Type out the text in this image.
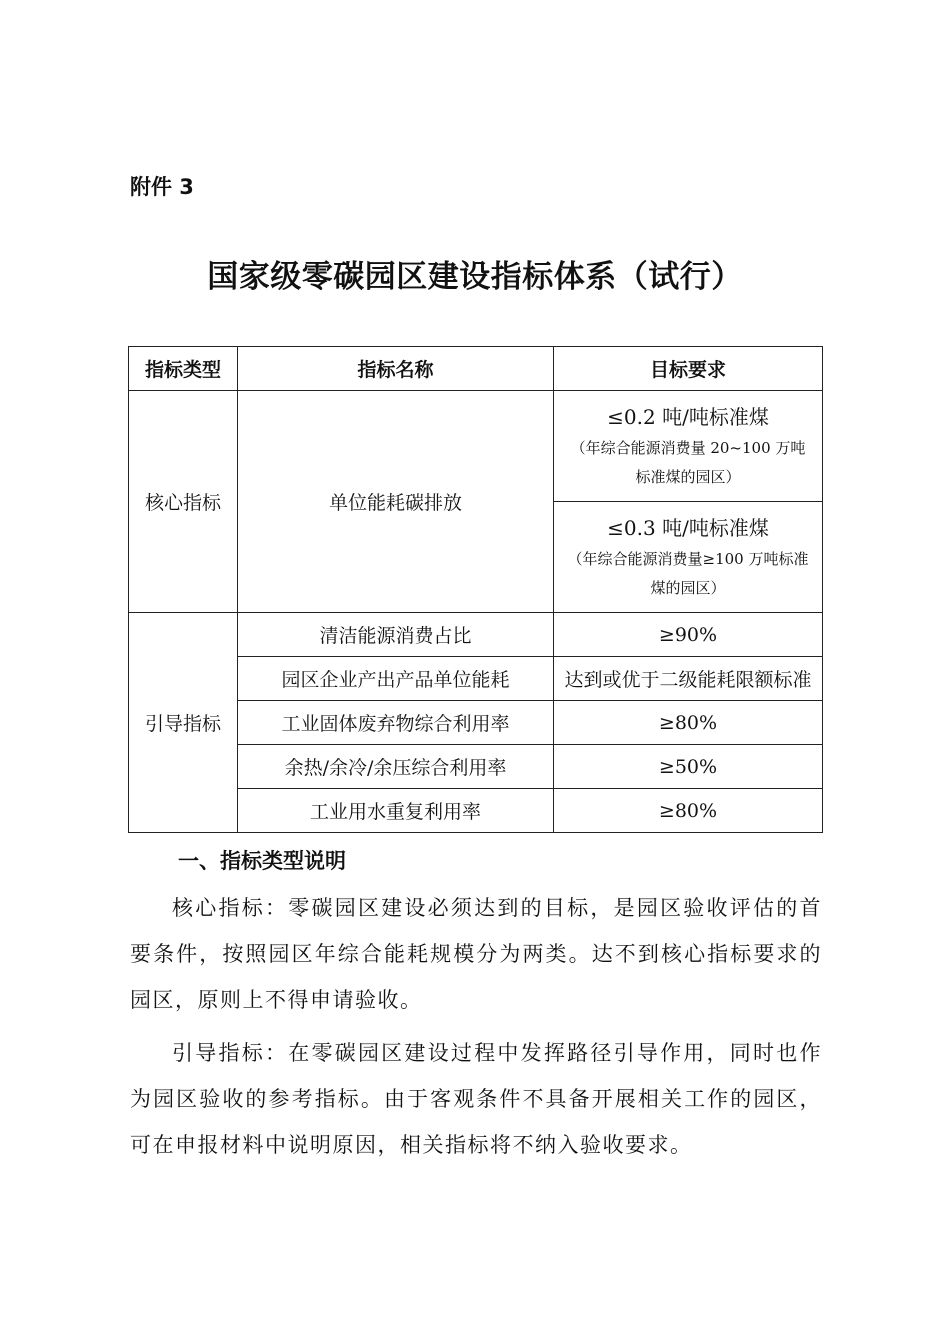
附件 3
国家级零碳园区建设指标体系（试行）
指标类型	指标名称	目标要求
核心指标	单位能耗碳排放	≤0.2 吨/吨标准煤
（年综合能源消费量 20~100 万吨标准煤的园区）

		≤0.3 吨/吨标准煤
（年综合能源消费量≥100 万吨标准煤的园区）

引导指标	清洁能源消费占比	≥90%
	园区企业产出产品单位能耗	达到或优于二级能耗限额标准
	工业固体废弃物综合利用率	≥80%
	余热/余冷/余压综合利用率	≥50%
	工业用水重复利用率	≥80%
一、指标类型说明
核心指标：零碳园区建设必须达到的目标，是园区验收评估的首要条件，按照园区年综合能耗规模分为两类。达不到核心指标要求的园区，原则上不得申请验收。
引导指标：在零碳园区建设过程中发挥路径引导作用，同时也作为园区验收的参考指标。由于客观条件不具备开展相关工作的园区，可在申报材料中说明原因，相关指标将不纳入验收要求。
